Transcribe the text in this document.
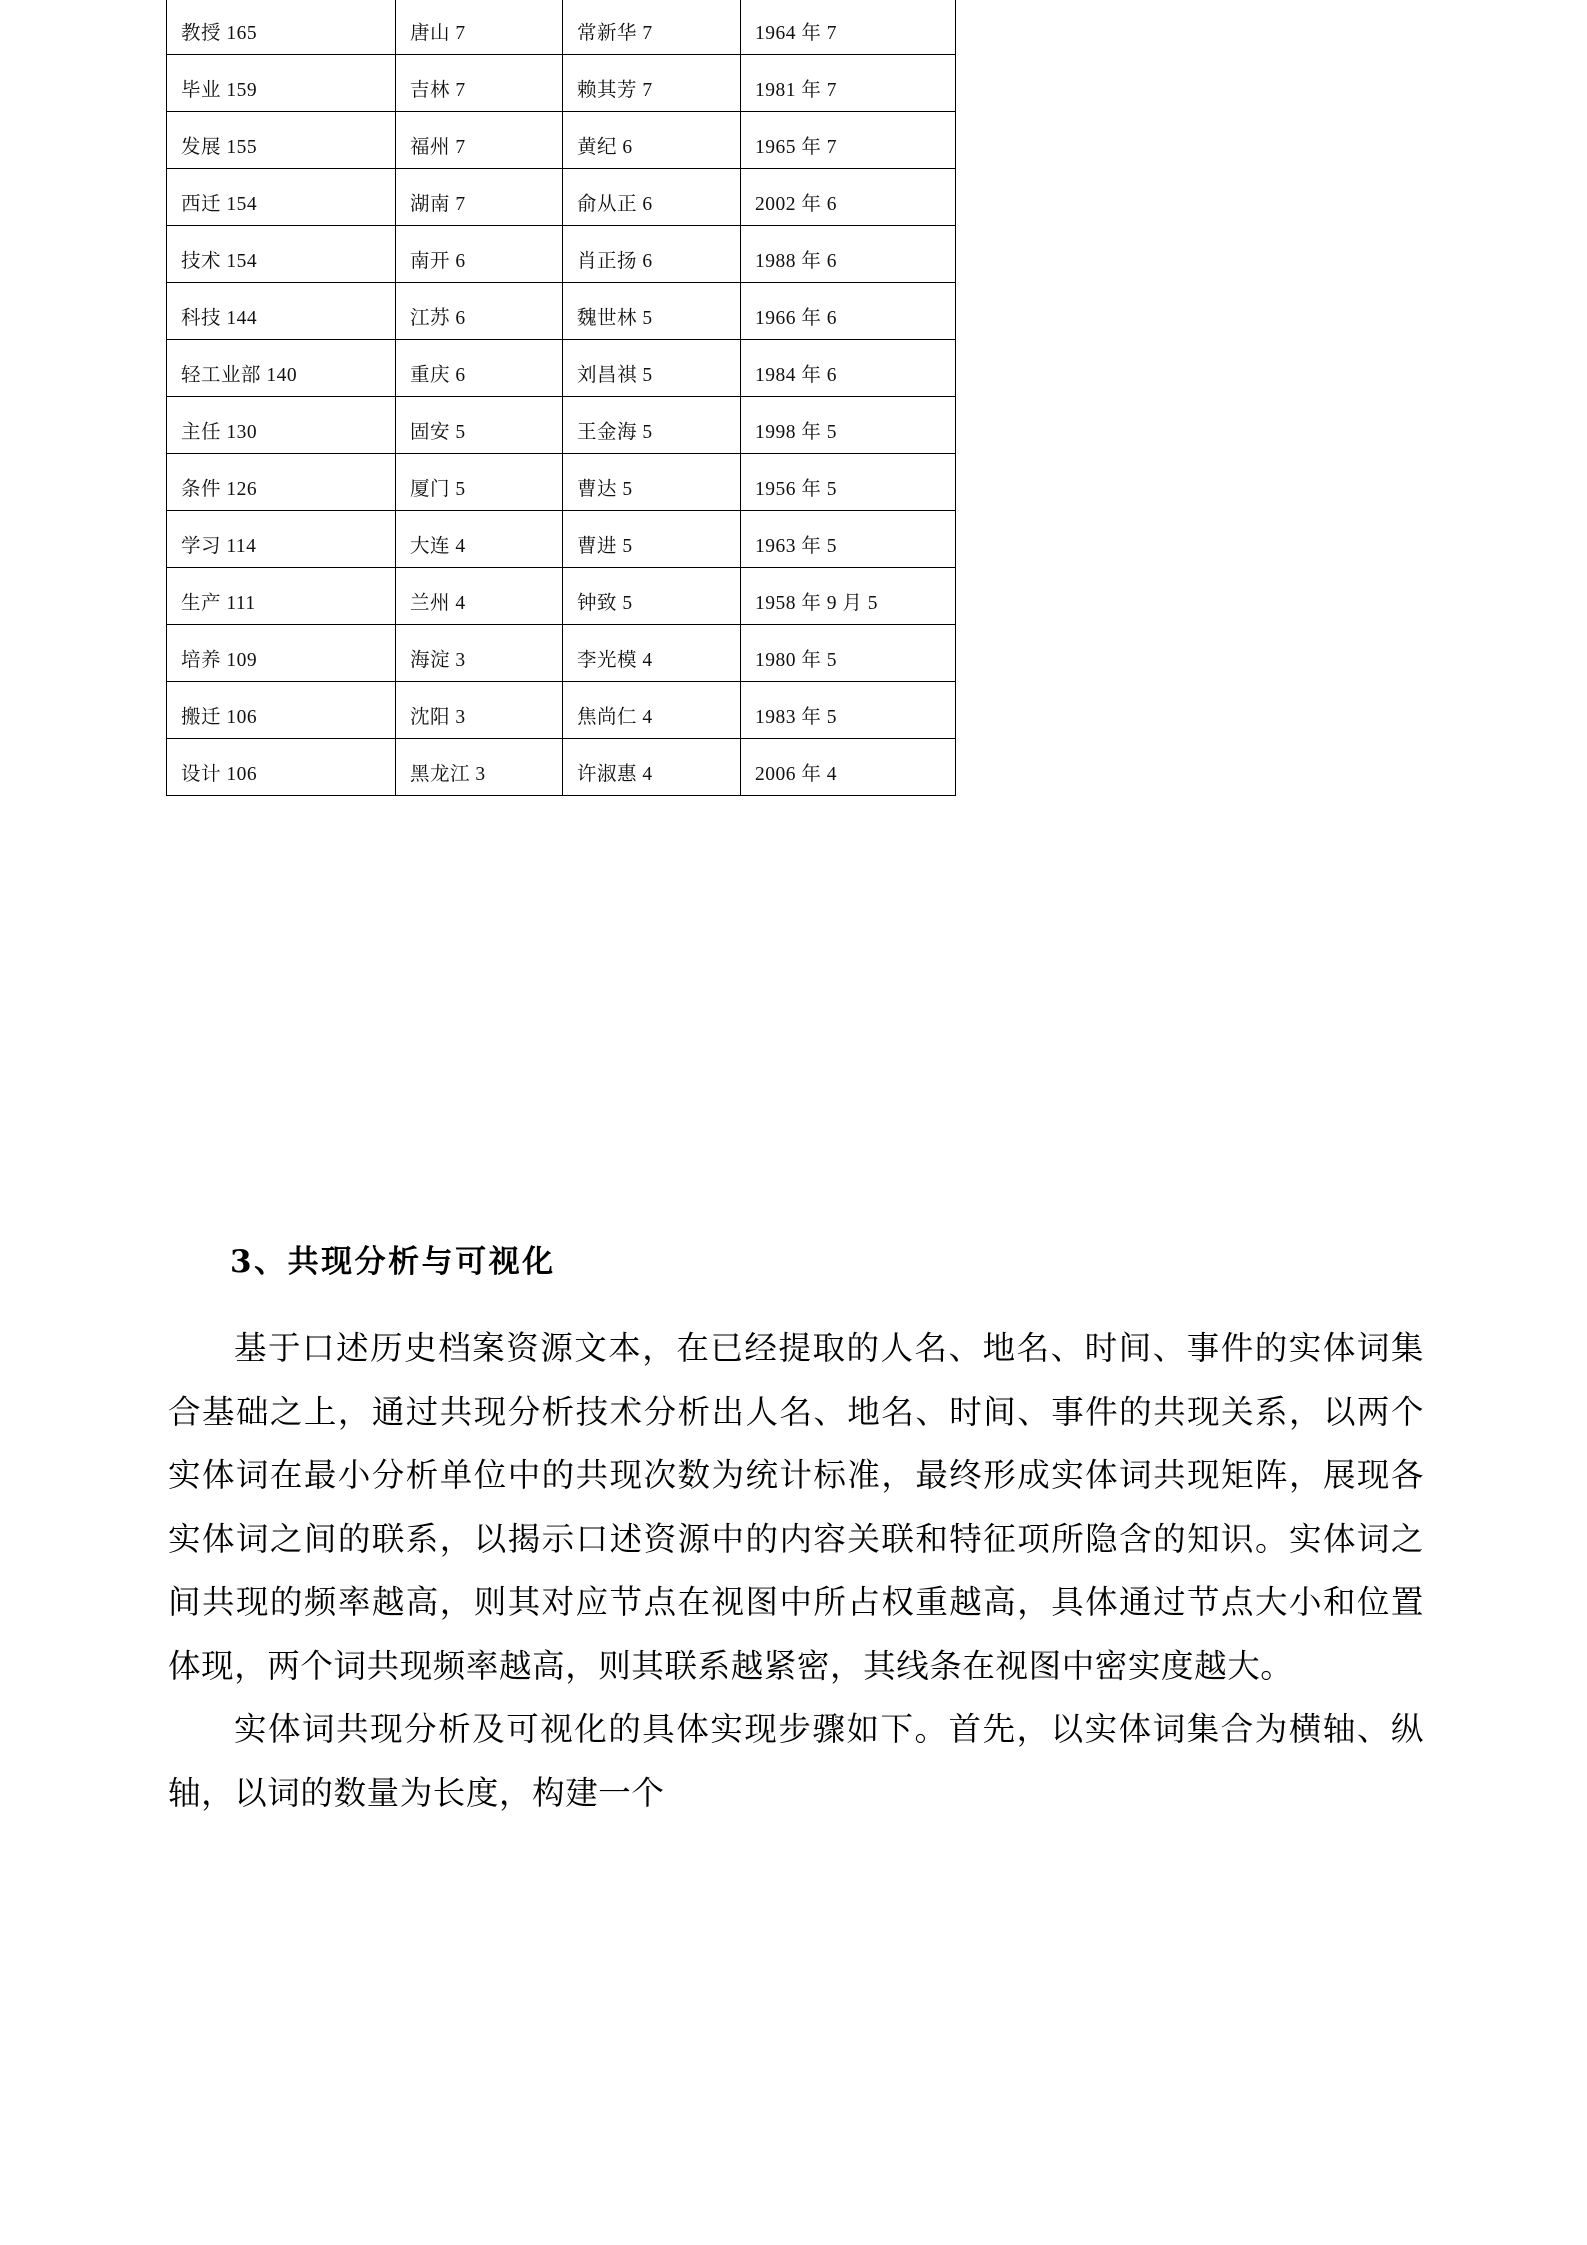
教授 165	唐山 7	常新华 7	1964 年 7

毕业 159	吉林 7	赖其芳 7	1981 年 7

发展 155	福州 7	黄纪 6	1965 年 7

西迁 154	湖南 7	俞从正 6	2002 年 6

技术 154	南开 6	肖正扬 6	1988 年 6

科技 144	江苏 6	魏世林 5	1966 年 6

轻工业部 140	重庆 6	刘昌祺 5	1984 年 6

主任 130	固安 5	王金海 5	1998 年 5

条件 126	厦门 5	曹达 5	1956 年 5

学习 114	大连 4	曹进 5	1963 年 5

生产 111	兰州 4	钟致 5	1958 年 9 月 5

培养 109	海淀 3	李光模 4	1980 年 5

搬迁 106	沈阳 3	焦尚仁 4	1983 年 5

设计 106	黑龙江 3	许淑惠 4	2006 年 4
3、共现分析与可视化

基于口述历史档案资源文本，在已经提取的人名、地名、时间、事件的实体词集合基础之上，通过共现分析技术分析出人名、地名、时间、事件的共现关系，以两个实体词在最小分析单位中的共现次数为统计标准，最终形成实体词共现矩阵，展现各实体词之间的联系，以揭示口述资源中的内容关联和特征项所隐含的知识。实体词之间共现的频率越高，则其对应节点在视图中所占权重越高，具体通过节点大小和位置体现，两个词共现频率越高，则其联系越紧密，其线条在视图中密实度越大。

实体词共现分析及可视化的具体实现步骤如下。首先，以实体词集合为横轴、纵轴，以词的数量为长度，构建一个
